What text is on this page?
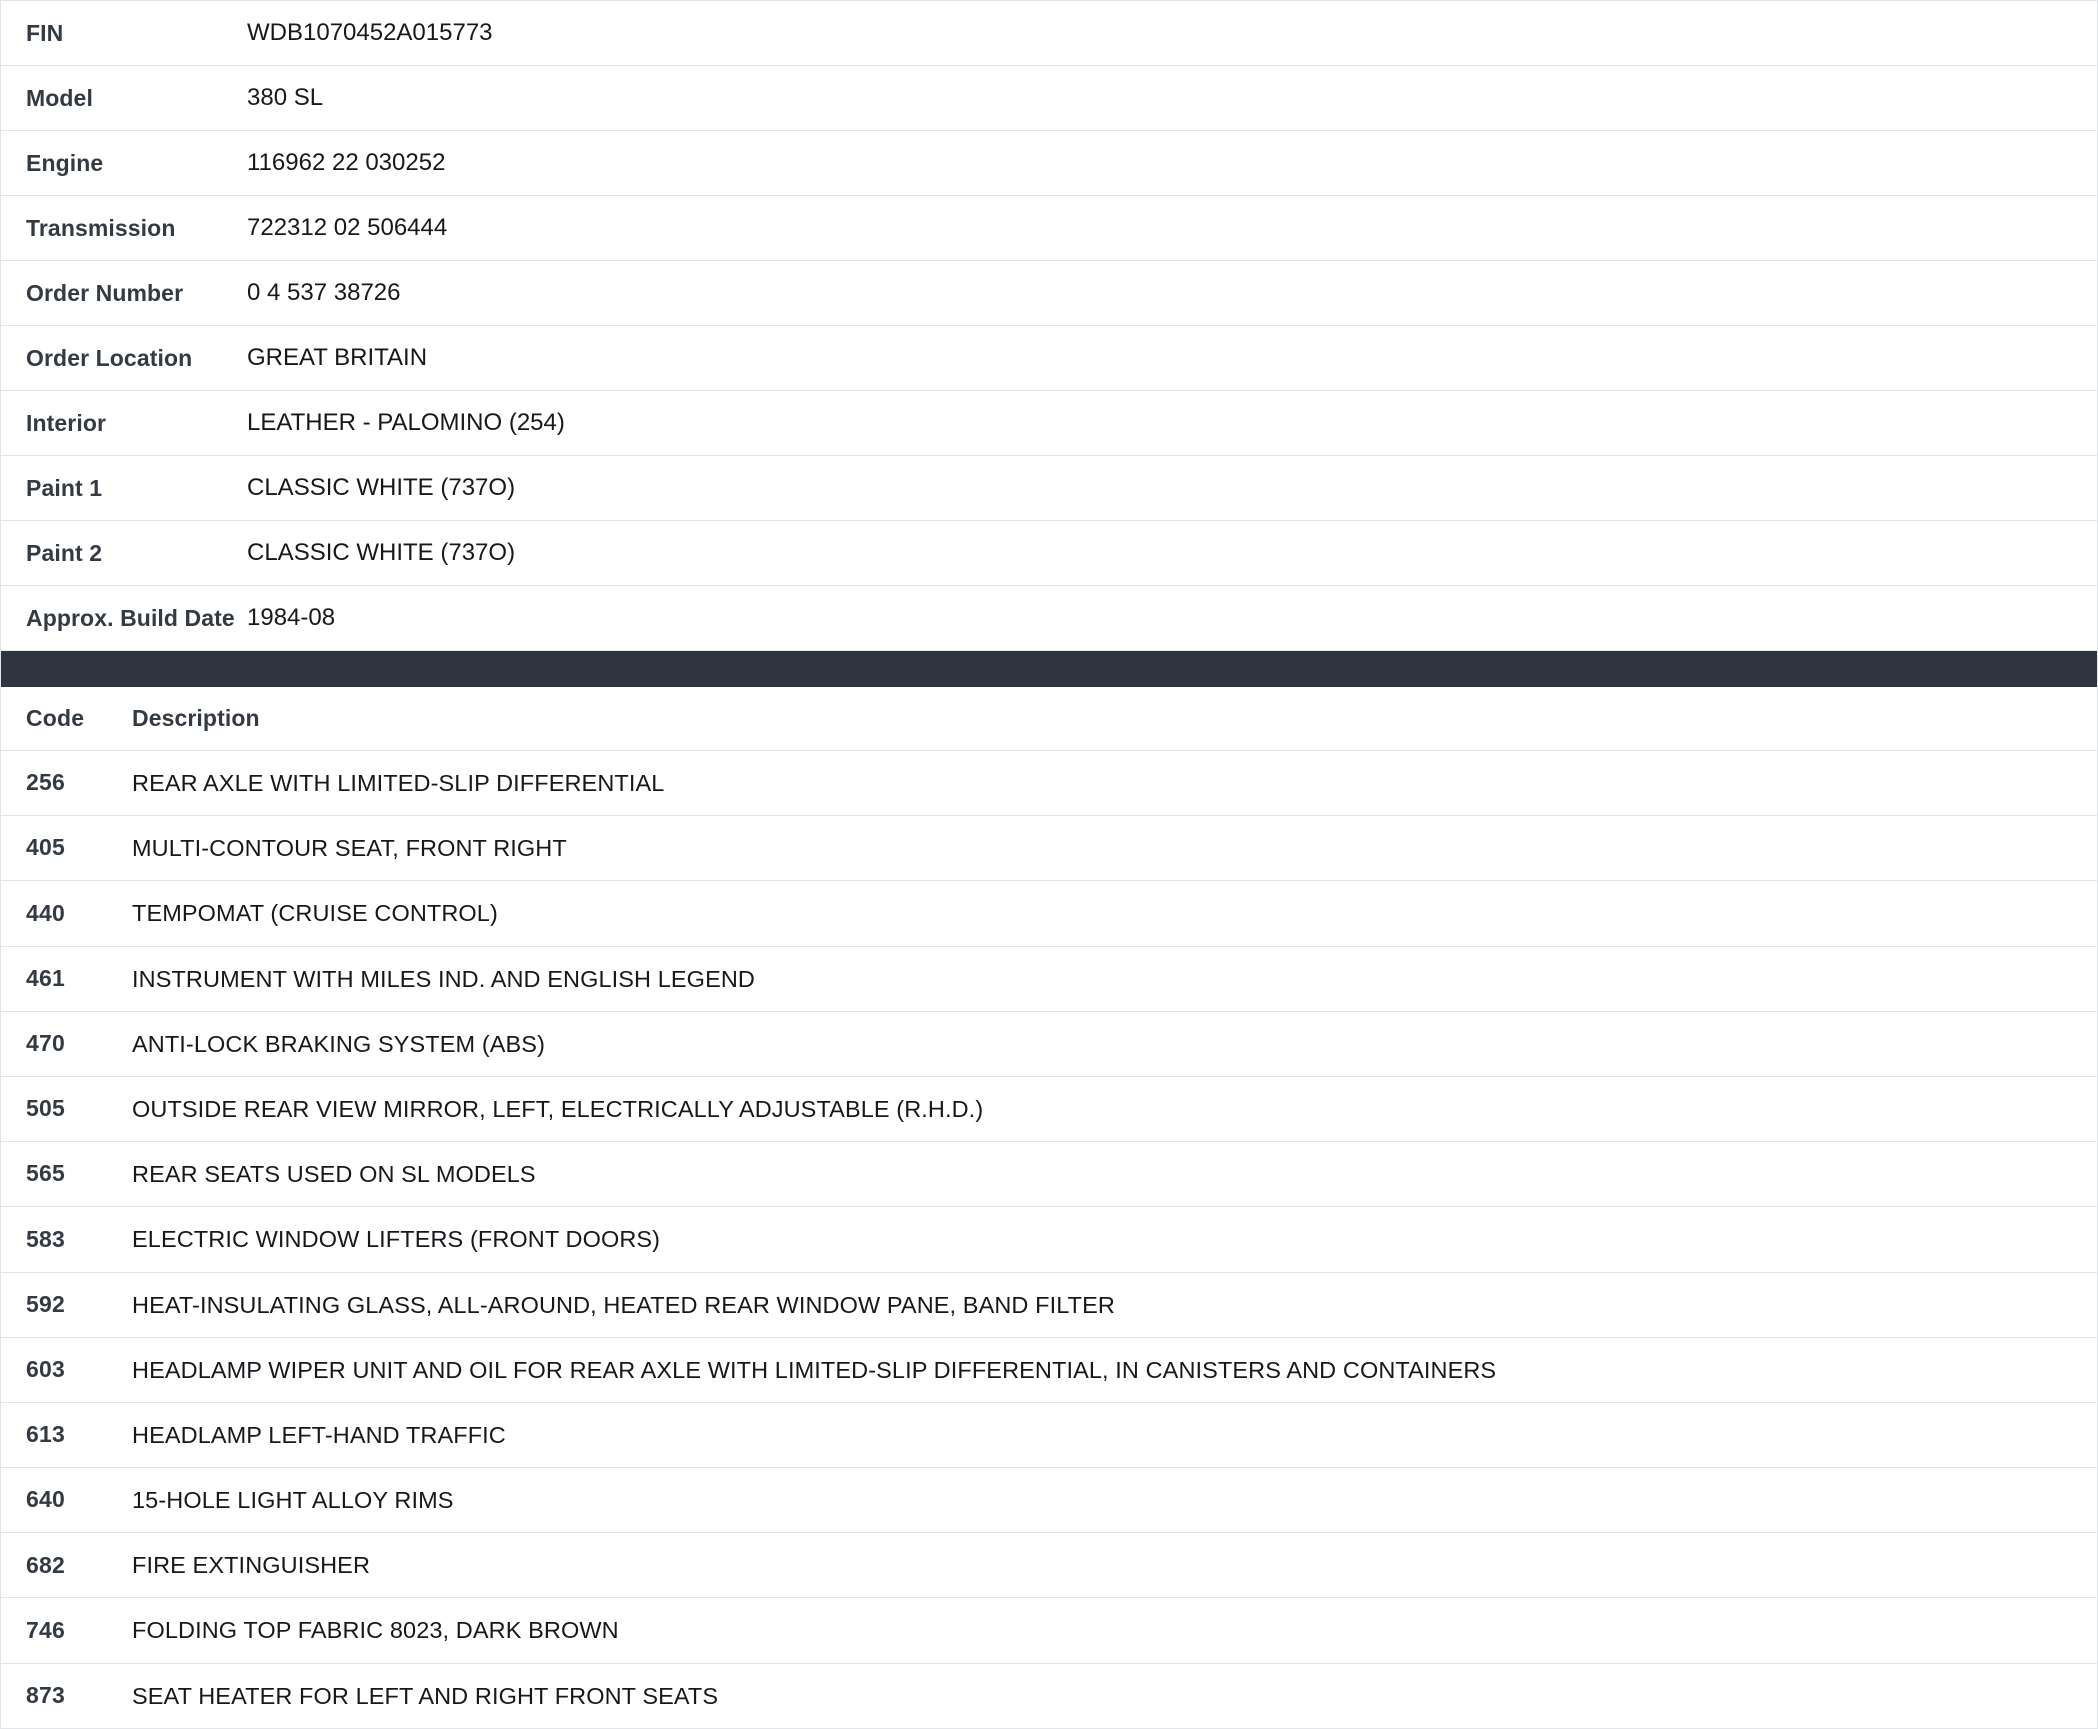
FIN	WDB1070452A015773
Model	380 SL
Engine	116962 22 030252
Transmission	722312 02 506444
Order Number	0 4 537 38726
Order Location	GREAT BRITAIN
Interior	LEATHER - PALOMINO (254)
Paint 1	CLASSIC WHITE (737O)
Paint 2	CLASSIC WHITE (737O)
Approx. Build Date	1984-08
Code	Description
256	REAR AXLE WITH LIMITED-SLIP DIFFERENTIAL
405	MULTI-CONTOUR SEAT, FRONT RIGHT
440	TEMPOMAT (CRUISE CONTROL)
461	INSTRUMENT WITH MILES IND. AND ENGLISH LEGEND
470	ANTI-LOCK BRAKING SYSTEM (ABS)
505	OUTSIDE REAR VIEW MIRROR, LEFT, ELECTRICALLY ADJUSTABLE (R.H.D.)
565	REAR SEATS USED ON SL MODELS
583	ELECTRIC WINDOW LIFTERS (FRONT DOORS)
592	HEAT-INSULATING GLASS, ALL-AROUND, HEATED REAR WINDOW PANE, BAND FILTER
603	HEADLAMP WIPER UNIT AND OIL FOR REAR AXLE WITH LIMITED-SLIP DIFFERENTIAL, IN CANISTERS AND CONTAINERS
613	HEADLAMP LEFT-HAND TRAFFIC
640	15-HOLE LIGHT ALLOY RIMS
682	FIRE EXTINGUISHER
746	FOLDING TOP FABRIC 8023, DARK BROWN
873	SEAT HEATER FOR LEFT AND RIGHT FRONT SEATS
